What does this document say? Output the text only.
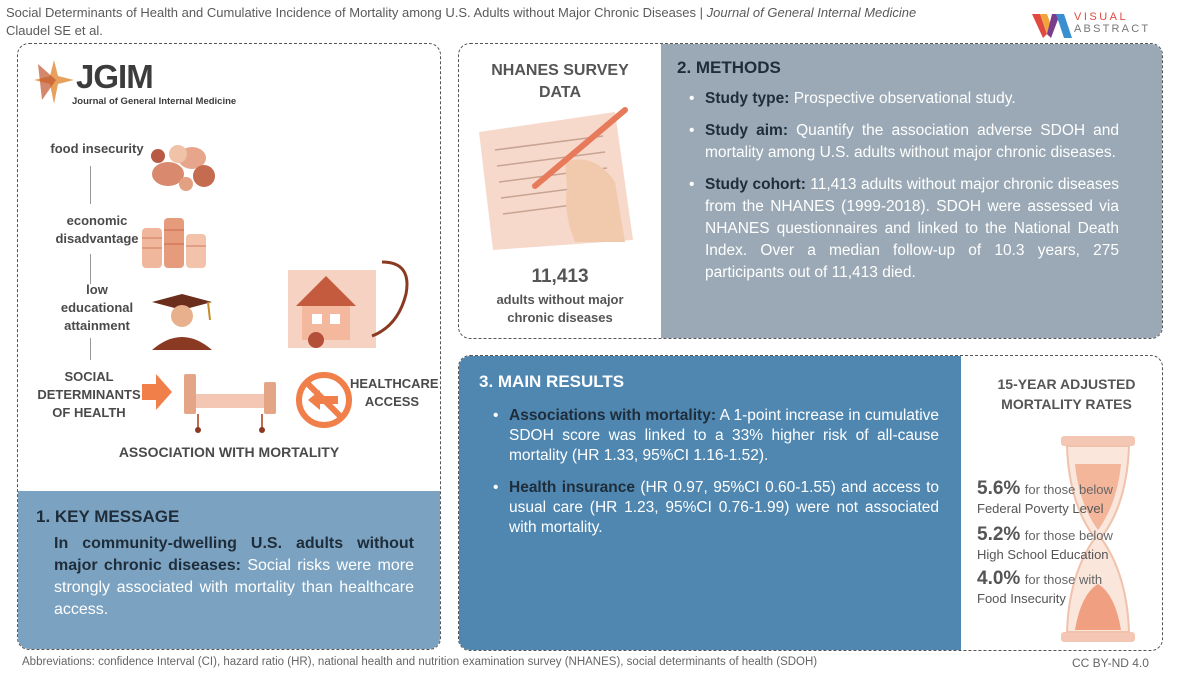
Social Determinants of Health and Cumulative Incidence of Mortality among U.S. Adults without Major Chronic Diseases | Journal of General Internal Medicine
Claudel SE et al.
VISUAL
ABSTRACT
JGIM
Journal of General Internal Medicine
food insecurity
economic
disadvantage
low
educational
attainment
SOCIAL
DETERMINANTS
OF HEALTH
HEALTHCARE
ACCESS
ASSOCIATION WITH MORTALITY
1. KEY MESSAGE
In community-dwelling U.S. adults without major chronic diseases: Social risks were more strongly associated with mortality than healthcare access.
NHANES SURVEY
DATA
11,413
adults without major
chronic diseases
2. METHODS
• Study type: Prospective observational study.
• Study aim: Quantify the association adverse SDOH and mortality among U.S. adults without major chronic diseases.
• Study cohort: 11,413 adults without major chronic diseases from the NHANES (1999-2018). SDOH were assessed via NHANES questionnaires and linked to the National Death Index. Over a median follow-up of 10.3 years, 275 participants out of 11,413 died.
3. MAIN RESULTS
• Associations with mortality: A 1-point increase in cumulative SDOH score was linked to a 33% higher risk of all-cause mortality (HR 1.33, 95%CI 1.16-1.52).
• Health insurance (HR 0.97, 95%CI 0.60-1.55) and access to usual care (HR 1.23, 95%CI 0.76-1.99) were not associated with mortality.
15-YEAR ADJUSTED
MORTALITY RATES
5.6% for those below
Federal Poverty Level
5.2% for those below
High School Education
4.0% for those with
Food Insecurity
Abbreviations: confidence Interval (CI), hazard ratio (HR), national health and nutrition examination survey (NHANES), social determinants of health (SDOH)	CC BY-ND 4.0
